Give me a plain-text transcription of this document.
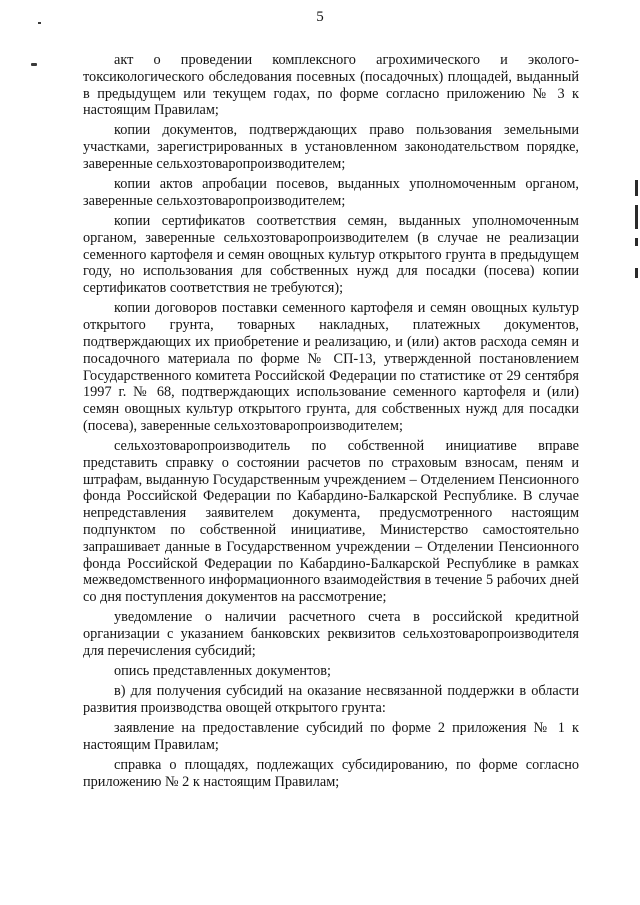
5

акт о проведении комплексного агрохимического и эколого-токсикологического обследования посевных (посадочных) площадей, выданный в предыдущем или текущем годах, по форме согласно приложению № 3 к настоящим Правилам;

копии документов, подтверждающих право пользования земельными участками, зарегистрированных в установленном законодательством порядке, заверенные сельхозтоваропроизводителем;

копии актов апробации посевов, выданных уполномоченным органом, заверенные сельхозтоваропроизводителем;

копии сертификатов соответствия семян, выданных уполномоченным органом, заверенные сельхозтоваропроизводителем (в случае не реализации семенного картофеля и семян овощных культур открытого грунта в предыдущем году, но использования для собственных нужд для посадки (посева) копии сертификатов соответствия не требуются);

копии договоров поставки семенного картофеля и семян овощных культур открытого грунта, товарных накладных, платежных документов, подтверждающих их приобретение и реализацию, и (или) актов расхода семян и посадочного материала по форме № СП-13, утвержденной постановлением Государственного комитета Российской Федерации по статистике от 29 сентября 1997 г. № 68, подтверждающих использование семенного картофеля и (или) семян овощных культур открытого грунта, для собственных нужд для посадки (посева), заверенные сельхозтоваропроизводителем;

сельхозтоваропроизводитель по собственной инициативе вправе представить справку о состоянии расчетов по страховым взносам, пеням и штрафам, выданную Государственным учреждением – Отделением Пенсионного фонда Российской Федерации по Кабардино-Балкарской Республике. В случае непредставления заявителем документа, предусмотренного настоящим подпунктом по собственной инициативе, Министерство самостоятельно запрашивает данные в Государственном учреждении – Отделении Пенсионного фонда Российской Федерации по Кабардино-Балкарской Республике в рамках межведомственного информационного взаимодействия в течение 5 рабочих дней со дня поступления документов на рассмотрение;

уведомление о наличии расчетного счета в российской кредитной организации с указанием банковских реквизитов сельхозтоваропроизводителя для перечисления субсидий;

опись представленных документов;

в) для получения субсидий на оказание несвязанной поддержки в области развития производства овощей открытого грунта:

заявление на предоставление субсидий по форме 2 приложения № 1 к настоящим Правилам;

справка о площадях, подлежащих субсидированию, по форме согласно приложению № 2 к настоящим Правилам;
